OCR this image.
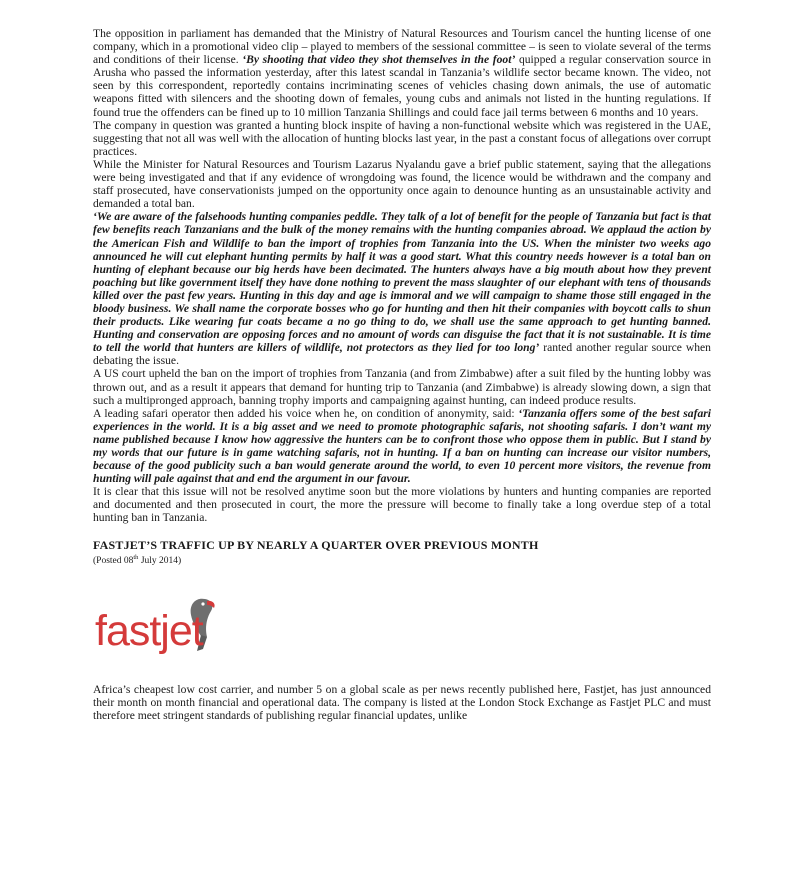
The opposition in parliament has demanded that the Ministry of Natural Resources and Tourism cancel the hunting license of one company, which in a promotional video clip – played to members of the sessional committee – is seen to violate several of the terms and conditions of their license. ‘By shooting that video they shot themselves in the foot’ quipped a regular conservation source in Arusha who passed the information yesterday, after this latest scandal in Tanzania’s wildlife sector became known. The video, not seen by this correspondent, reportedly contains incriminating scenes of vehicles chasing down animals, the use of automatic weapons fitted with silencers and the shooting down of females, young cubs and animals not listed in the hunting regulations. If found true the offenders can be fined up to 10 million Tanzania Shillings and could face jail terms between 6 months and 10 years.

The company in question was granted a hunting block inspite of having a non-functional website which was registered in the UAE, suggesting that not all was well with the allocation of hunting blocks last year, in the past a constant focus of allegations over corrupt practices.

While the Minister for Natural Resources and Tourism Lazarus Nyalandu gave a brief public statement, saying that the allegations were being investigated and that if any evidence of wrongdoing was found, the licence would be withdrawn and the company and staff prosecuted, have conservationists jumped on the opportunity once again to denounce hunting as an unsustainable activity and demanded a total ban.

‘We are aware of the falsehoods hunting companies peddle. They talk of a lot of benefit for the people of Tanzania but fact is that few benefits reach Tanzanians and the bulk of the money remains with the hunting companies abroad. We applaud the action by the American Fish and Wildlife to ban the import of trophies from Tanzania into the US. When the minister two weeks ago announced he will cut elephant hunting permits by half it was a good start. What this country needs however is a total ban on hunting of elephant because our big herds have been decimated. The hunters always have a big mouth about how they prevent poaching but like government itself they have done nothing to prevent the mass slaughter of our elephant with tens of thousands killed over the past few years. Hunting in this day and age is immoral and we will campaign to shame those still engaged in the bloody business. We shall name the corporate bosses who go for hunting and then hit their companies with boycott calls to shun their products. Like wearing fur coats became a no go thing to do, we shall use the same approach to get hunting banned. Hunting and conservation are opposing forces and no amount of words can disguise the fact that it is not sustainable. It is time to tell the world that hunters are killers of wildlife, not protectors as they lied for too long’ ranted another regular source when debating the issue.

A US court upheld the ban on the import of trophies from Tanzania (and from Zimbabwe) after a suit filed by the hunting lobby was thrown out, and as a result it appears that demand for hunting trip to Tanzania (and Zimbabwe) is already slowing down, a sign that such a multipronged approach, banning trophy imports and campaigning against hunting, can indeed produce results.

A leading safari operator then added his voice when he, on condition of anonymity, said: ‘Tanzania offers some of the best safari experiences in the world. It is a big asset and we need to promote photographic safaris, not shooting safaris. I don’t want my name published because I know how aggressive the hunters can be to confront those who oppose them in public. But I stand by my words that our future is in game watching safaris, not in hunting. If a ban on hunting can increase our visitor numbers, because of the good publicity such a ban would generate around the world, to even 10 percent more visitors, the revenue from hunting will pale against that and end the argument in our favour.

It is clear that this issue will not be resolved anytime soon but the more violations by hunters and hunting companies are reported and documented and then prosecuted in court, the more the pressure will become to finally take a long overdue step of a total hunting ban in Tanzania.

FASTJET’S TRAFFIC UP BY NEARLY A QUARTER OVER PREVIOUS MONTH
(Posted 08th July 2014)
fastjet

Africa’s cheapest low cost carrier, and number 5 on a global scale as per news recently published here, Fastjet, has just announced their month on month financial and operational data. The company is listed at the London Stock Exchange as Fastjet PLC and must therefore meet stringent standards of publishing regular financial updates, unlike
